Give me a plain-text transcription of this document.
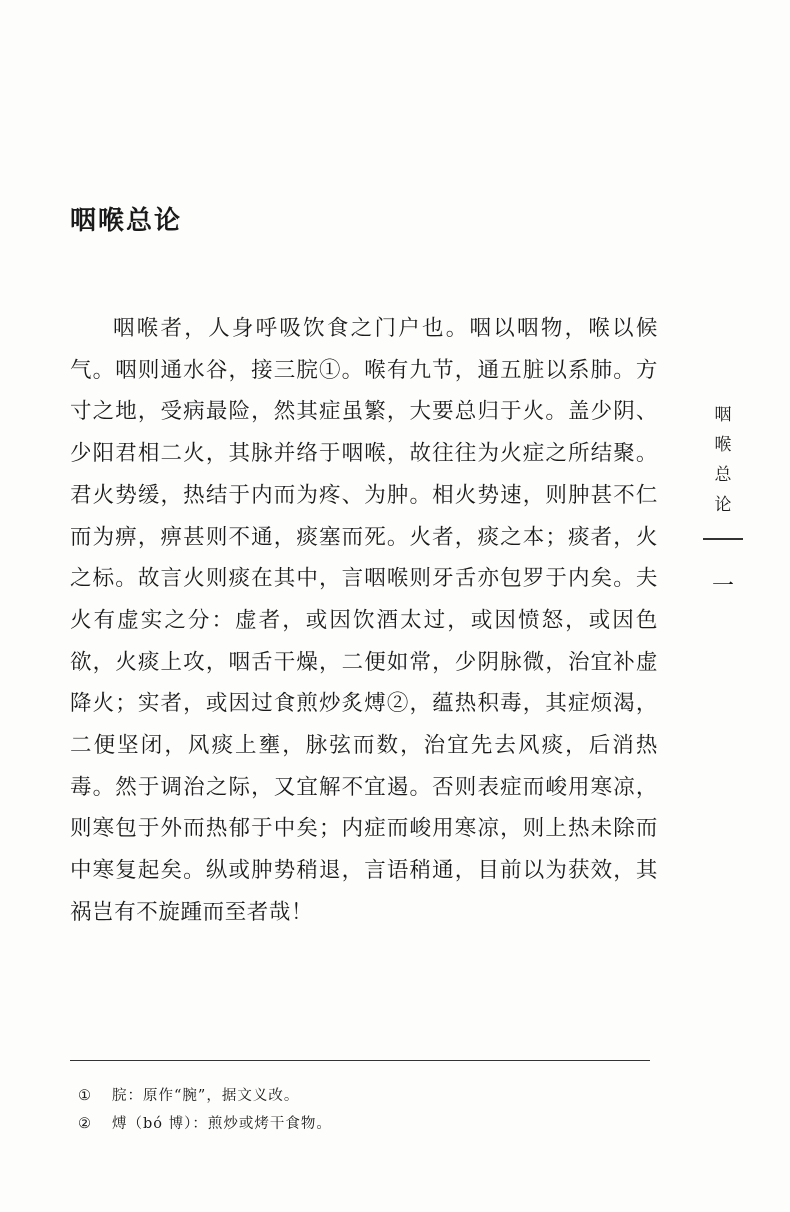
咽喉总论

咽喉者，人身呼吸饮食之门户也。咽以咽物，喉以候气。咽则通水谷，接三脘①。喉有九节，通五脏以系肺。方寸之地，受病最险，然其症虽繁，大要总归于火。盖少阴、少阳君相二火，其脉并络于咽喉，故往往为火症之所结聚。君火势缓，热结于内而为疼、为肿。相火势速，则肿甚不仁而为痹，痹甚则不通，痰塞而死。火者，痰之本；痰者，火之标。故言火则痰在其中，言咽喉则牙舌亦包罗于内矣。夫火有虚实之分：虚者，或因饮酒太过，或因愤怒，或因色欲，火痰上攻，咽舌干燥，二便如常，少阴脉微，治宜补虚降火；实者，或因过食煎炒炙煿②，蕴热积毒，其症烦渴，二便坚闭，风痰上壅，脉弦而数，治宜先去风痰，后消热毒。然于调治之际，又宜解不宜遏。否则表症而峻用寒凉，则寒包于外而热郁于中矣；内症而峻用寒凉，则上热未除而中寒复起矣。纵或肿势稍退，言语稍通，目前以为获效，其祸岂有不旋踵而至者哉！

咽
喉
总
论
一
① 脘：原作“腕”，据文义改。
② 煿（bó 博）：煎炒或烤干食物。
